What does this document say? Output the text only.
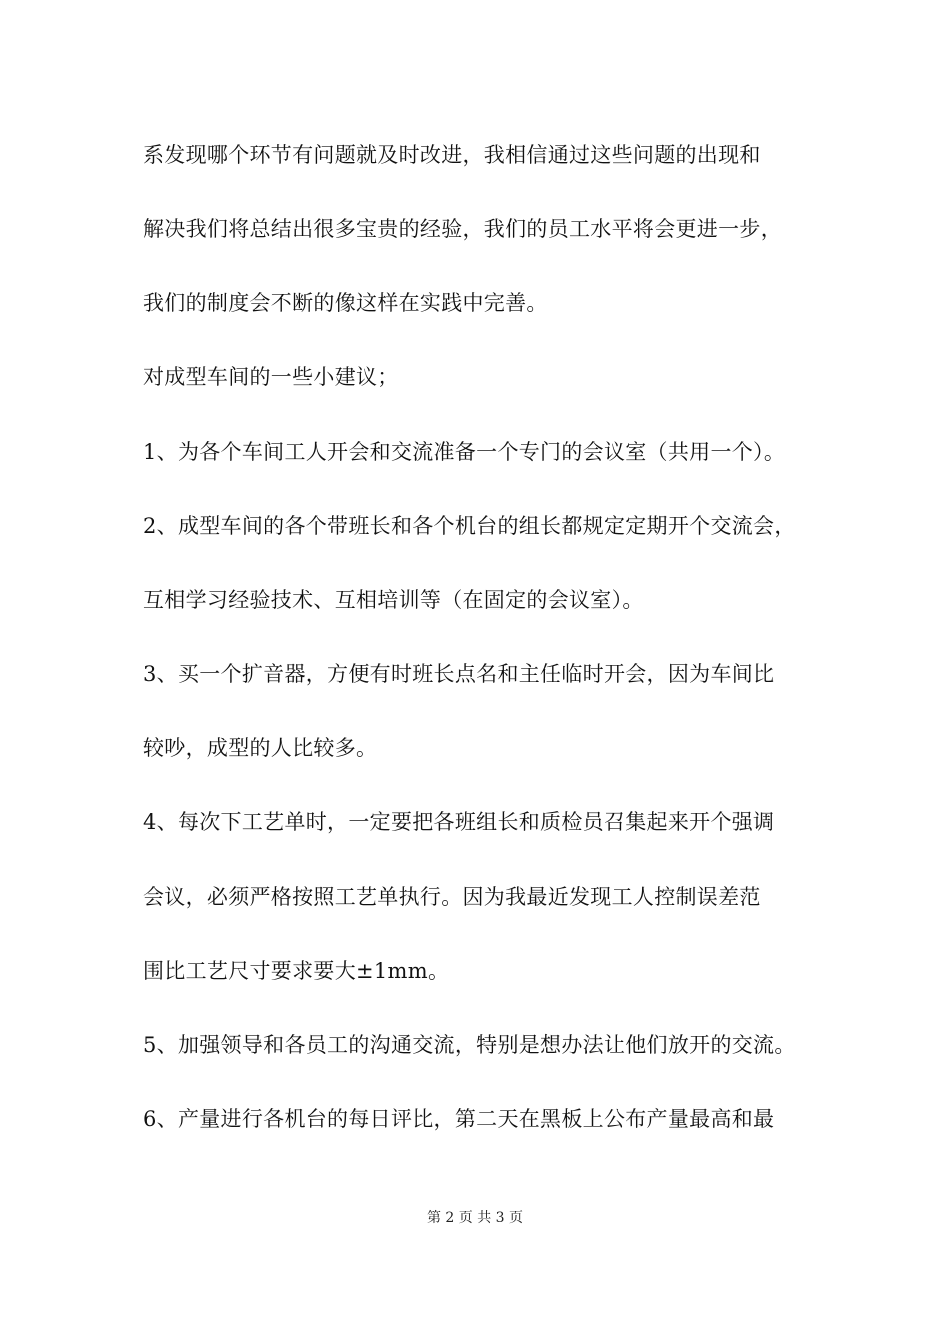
系发现哪个环节有问题就及时改进，我相信通过这些问题的出现和
解决我们将总结出很多宝贵的经验，我们的员工水平将会更进一步，
我们的制度会不断的像这样在实践中完善。
对成型车间的一些小建议；
1、为各个车间工人开会和交流准备一个专门的会议室（共用一个）。
2、成型车间的各个带班长和各个机台的组长都规定定期开个交流会，
互相学习经验技术、互相培训等（在固定的会议室）。
3、买一个扩音器，方便有时班长点名和主任临时开会，因为车间比
较吵，成型的人比较多。
4、每次下工艺单时，一定要把各班组长和质检员召集起来开个强调
会议，必须严格按照工艺单执行。因为我最近发现工人控制误差范
围比工艺尺寸要求要大±1mm。
5、加强领导和各员工的沟通交流，特别是想办法让他们放开的交流。
6、产量进行各机台的每日评比，第二天在黑板上公布产量最高和最
第 2 页 共 3 页
